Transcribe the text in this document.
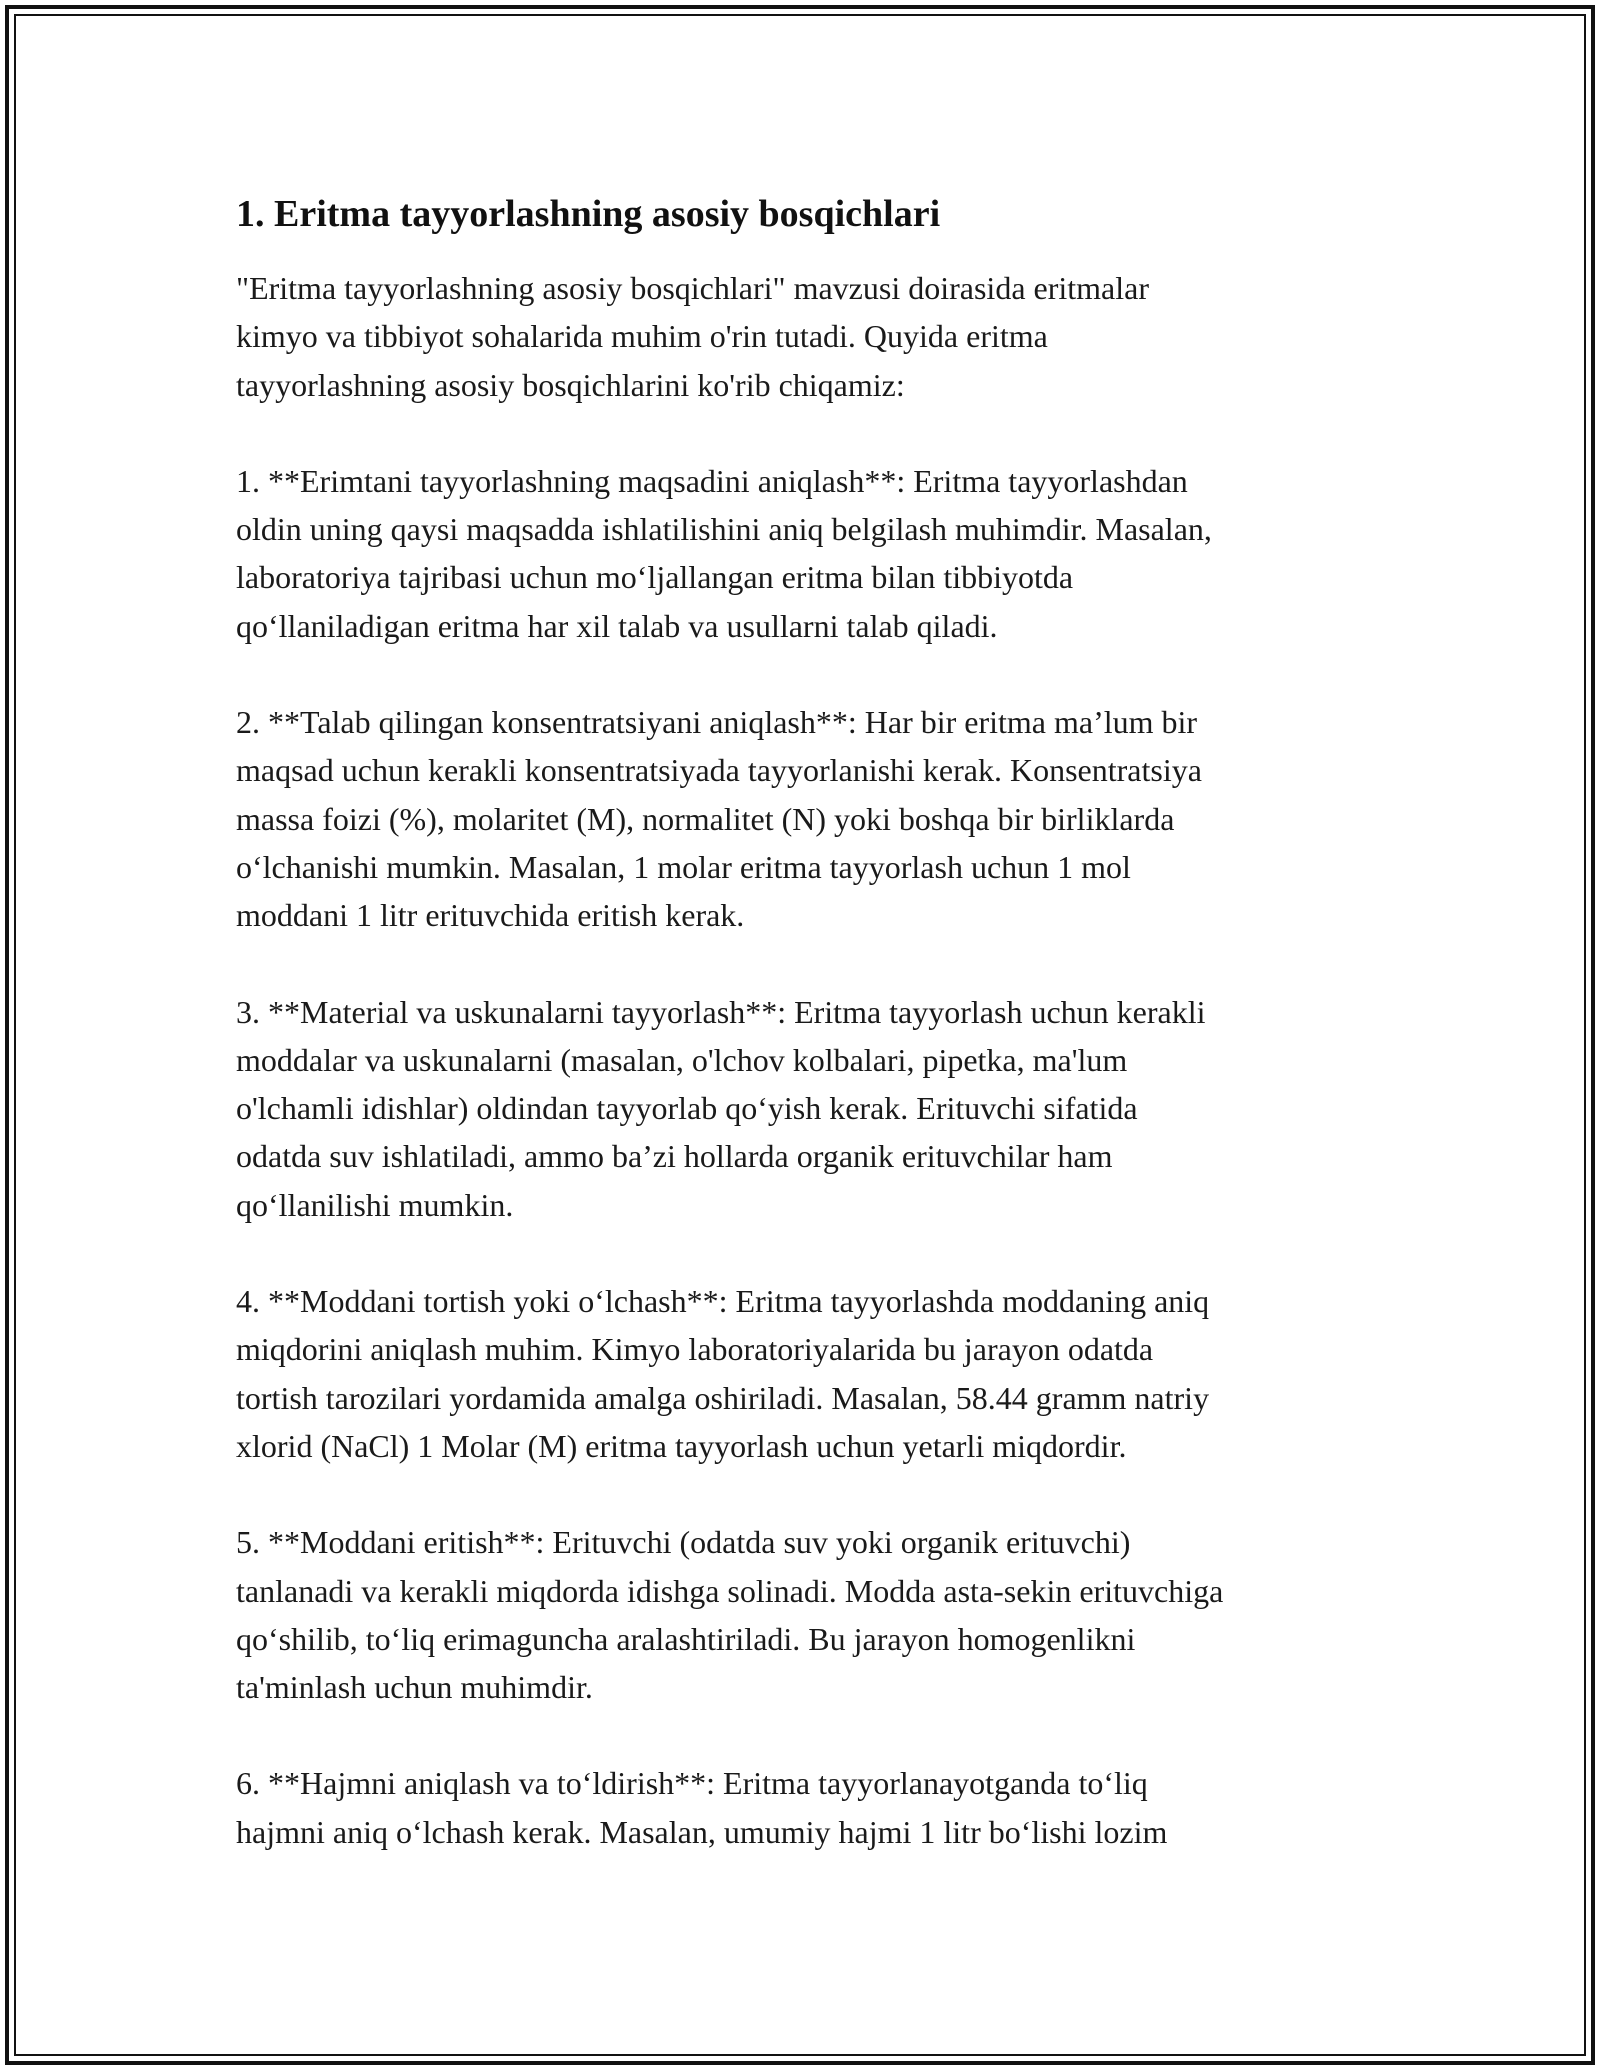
1. Eritma tayyorlashning asosiy bosqichlari

"Eritma tayyorlashning asosiy bosqichlari" mavzusi doirasida eritmalar
kimyo va tibbiyot sohalarida muhim o'rin tutadi. Quyida eritma
tayyorlashning asosiy bosqichlarini ko'rib chiqamiz:

1. **Erimtani tayyorlashning maqsadini aniqlash**: Eritma tayyorlashdan
oldin uning qaysi maqsadda ishlatilishini aniq belgilash muhimdir. Masalan,
laboratoriya tajribasi uchun mo‘ljallangan eritma bilan tibbiyotda
qo‘llaniladigan eritma har xil talab va usullarni talab qiladi.

2. **Talab qilingan konsentratsiyani aniqlash**: Har bir eritma ma’lum bir
maqsad uchun kerakli konsentratsiyada tayyorlanishi kerak. Konsentratsiya
massa foizi (%), molaritet (M), normalitet (N) yoki boshqa bir birliklarda
o‘lchanishi mumkin. Masalan, 1 molar eritma tayyorlash uchun 1 mol
moddani 1 litr erituvchida eritish kerak.

3. **Material va uskunalarni tayyorlash**: Eritma tayyorlash uchun kerakli
moddalar va uskunalarni (masalan, o'lchov kolbalari, pipetka, ma'lum
o'lchamli idishlar) oldindan tayyorlab qo‘yish kerak. Erituvchi sifatida
odatda suv ishlatiladi, ammo ba’zi hollarda organik erituvchilar ham
qo‘llanilishi mumkin.

4. **Moddani tortish yoki o‘lchash**: Eritma tayyorlashda moddaning aniq
miqdorini aniqlash muhim. Kimyo laboratoriyalarida bu jarayon odatda
tortish tarozilari yordamida amalga oshiriladi. Masalan, 58.44 gramm natriy
xlorid (NaCl) 1 Molar (M) eritma tayyorlash uchun yetarli miqdordir.

5. **Moddani eritish**: Erituvchi (odatda suv yoki organik erituvchi)
tanlanadi va kerakli miqdorda idishga solinadi. Modda asta-sekin erituvchiga
qo‘shilib, to‘liq erimaguncha aralashtiriladi. Bu jarayon homogenlikni
ta'minlash uchun muhimdir.

6. **Hajmni aniqlash va to‘ldirish**: Eritma tayyorlanayotganda to‘liq
hajmni aniq o‘lchash kerak. Masalan, umumiy hajmi 1 litr bo‘lishi lozim
